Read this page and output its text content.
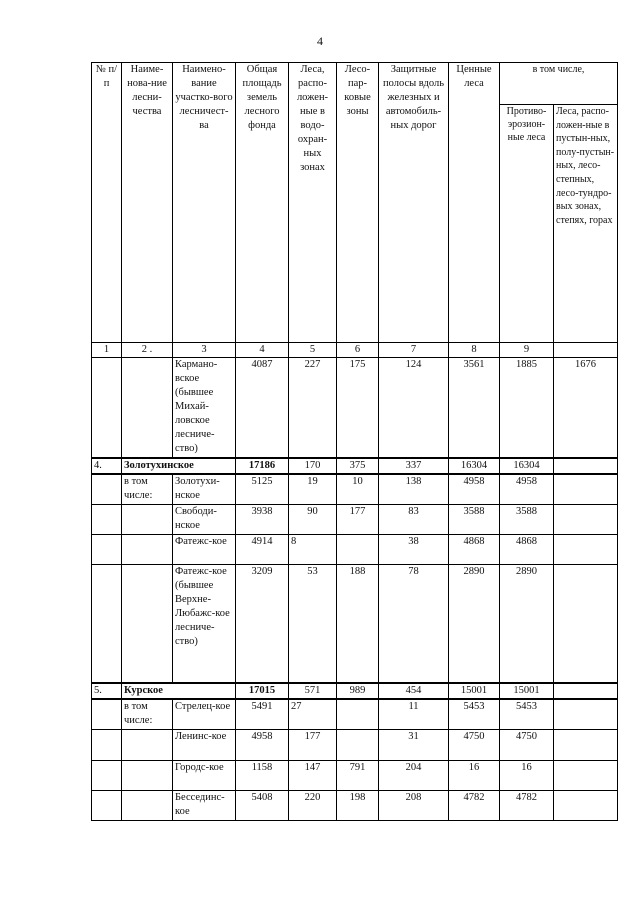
4
№ п/п	Наиме-нова-ние лесни-чества	Наимено-вание участко-вого лесничест-ва	Общая площадь земель лесного фонда	Леса, распо-ложен-ные в водо-охран-ных зонах	Лесо-пар-ковые зоны	Защитные полосы вдоль железных и автомобиль-ных дорог	Ценные леса	в том числе,	
								Противо-эрозион-ные леса	Леса, распо-ложен-ные в пустын-ных, полу-пустын-ных, лесо-степных, лесо-тундро-вых зонах, степях, горах
1	2 .	3	4	5	6	7	8	9	
		Кармано-вское (бывшее Михай-ловское лесниче-ство)	4087	227	175	124	3561	1885	1676
4.	Золотухинское		17186	170	375	337	16304	16304	
	в том числе:	Золотухи-нское	5125	19	10	138	4958	4958	
		Свободи-нское	3938	90	177	83	3588	3588	
		Фатежс-кое	4914	8		38	4868	4868	
		Фатежс-кое (бывшее Верхне-Любажс-кое лесниче-ство)	3209	53	188	78	2890	2890	
5.	Курское		17015	571	989	454	15001	15001	
	в том числе:	Стрелец-кое	5491	27		11	5453	5453	
		Ленинс-кое	4958	177		31	4750	4750	
		Городс-кое	1158	147	791	204	16	16	
		Бессединс-кое	5408	220	198	208	4782	4782	
